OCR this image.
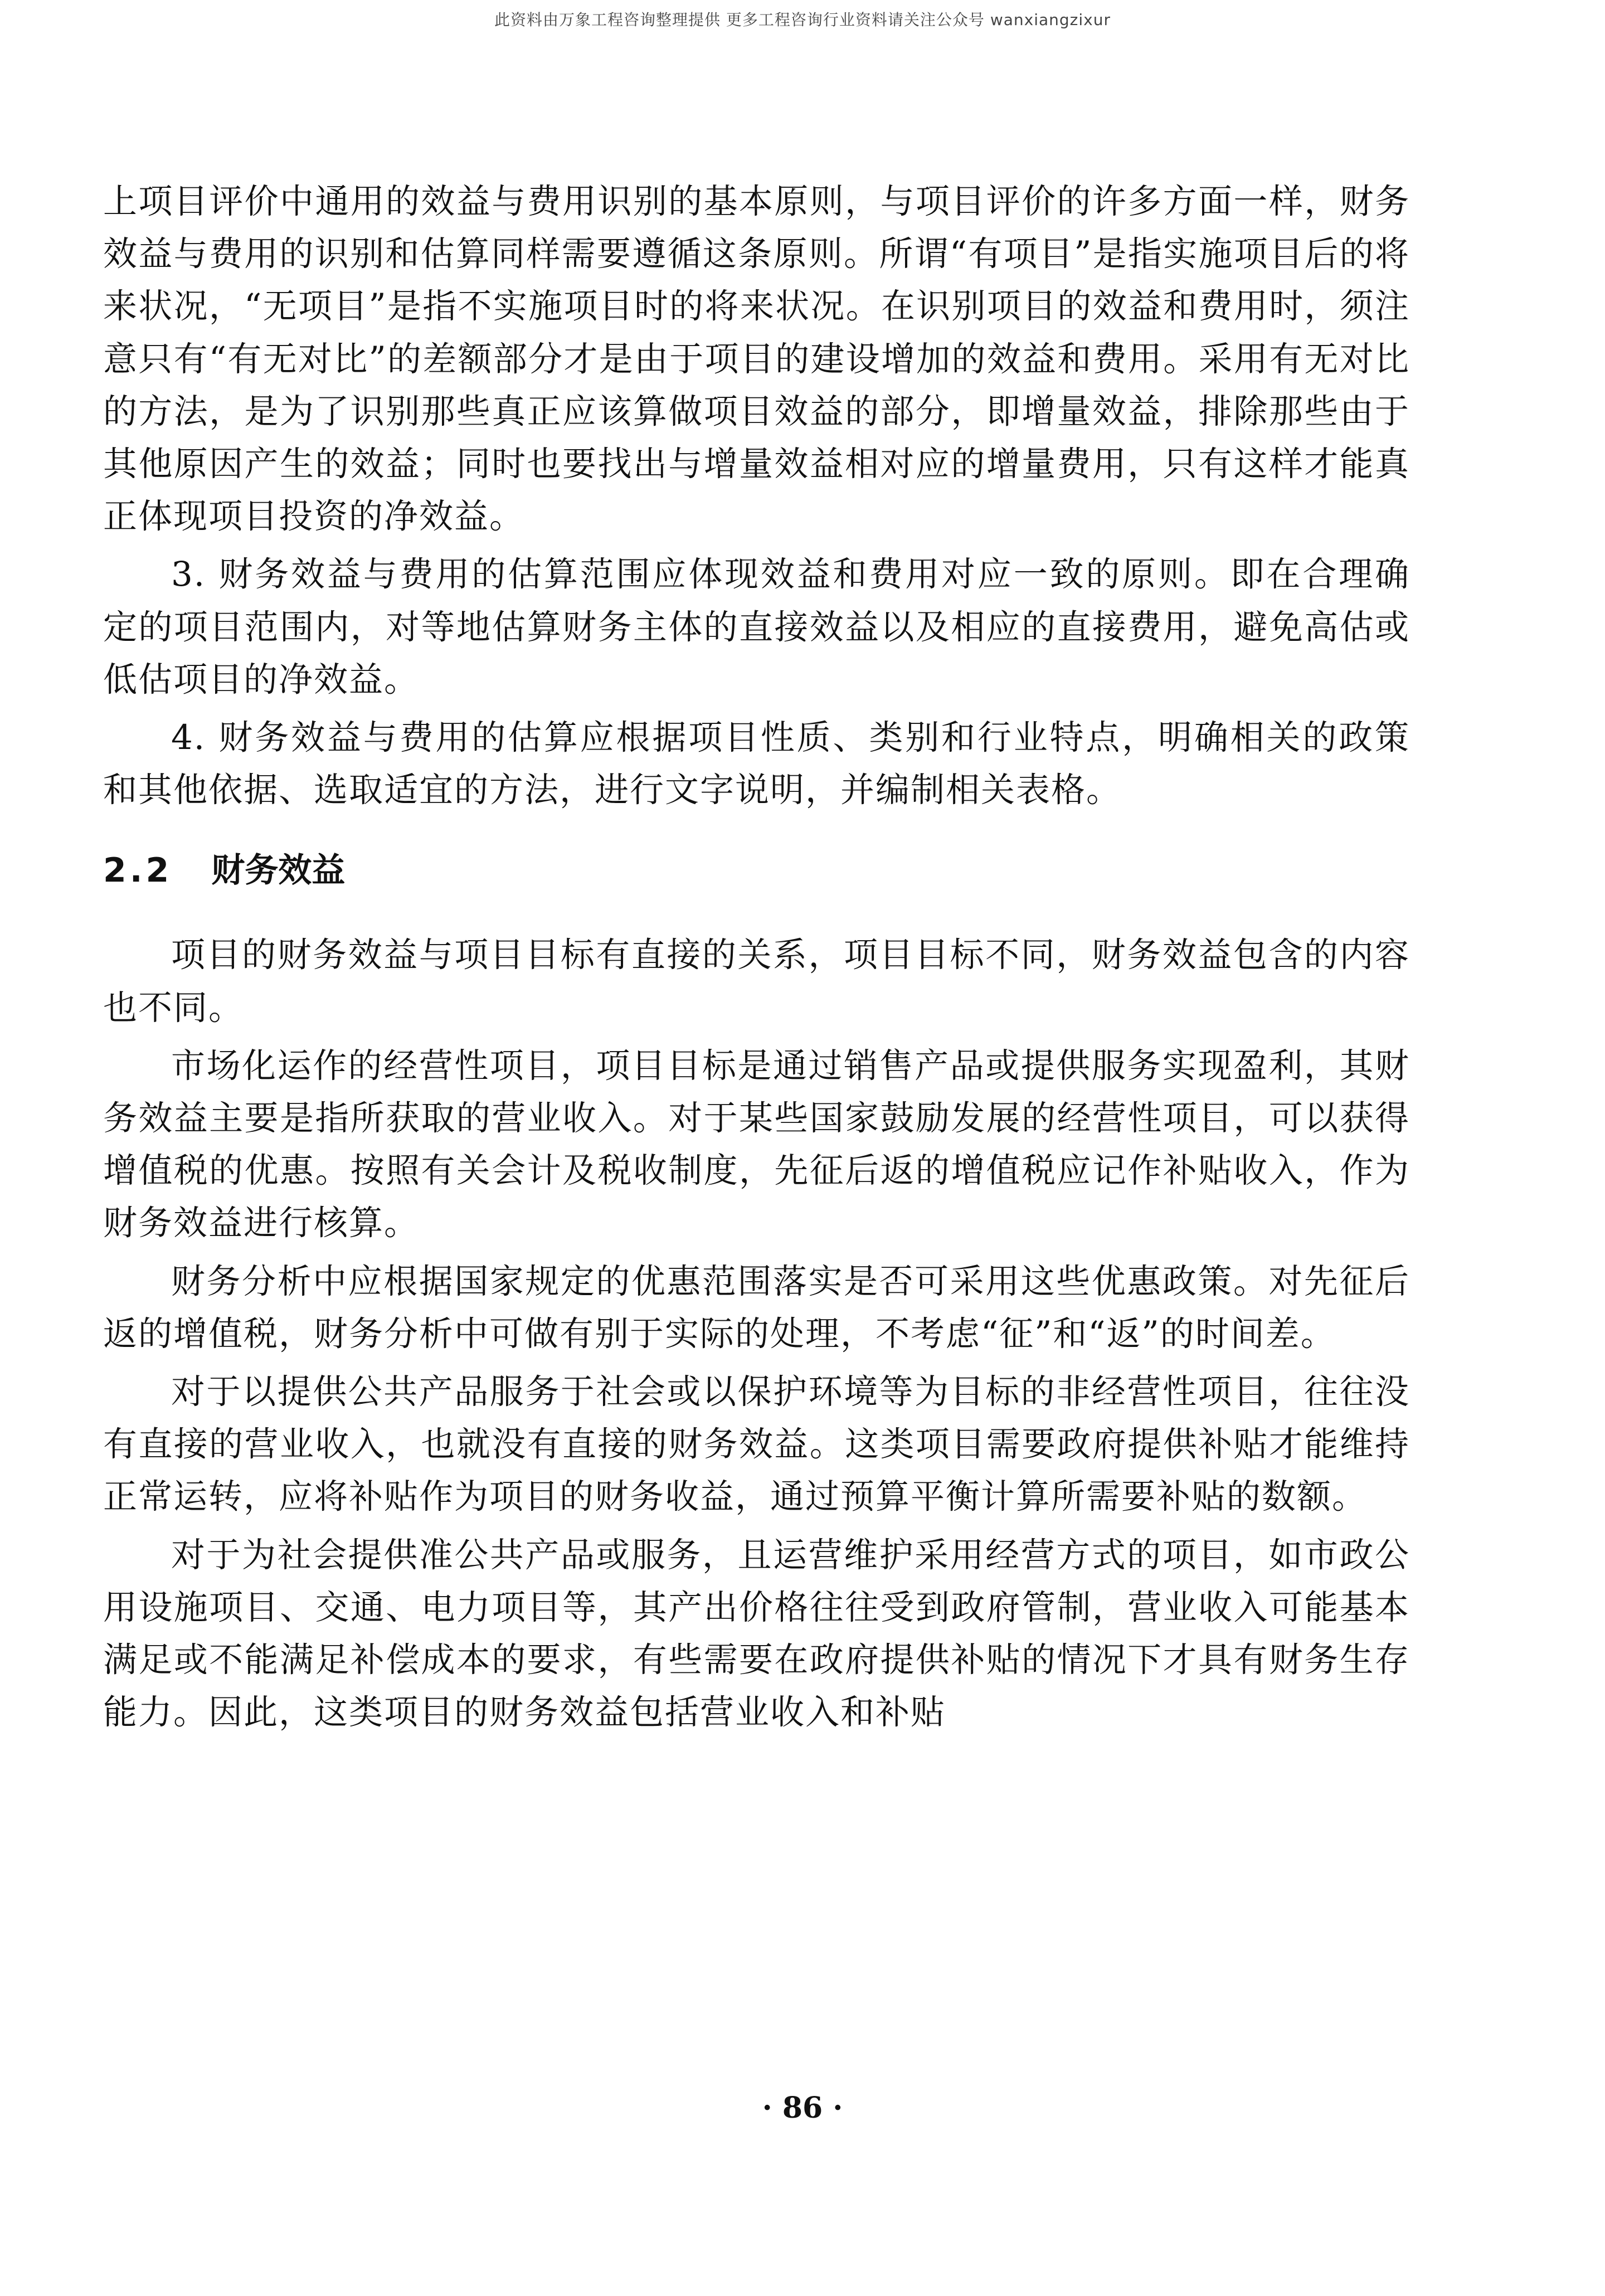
此资料由万象工程咨询整理提供 更多工程咨询行业资料请关注公众号 wanxiangzixur

上项目评价中通用的效益与费用识别的基本原则，与项目评价的许多方面一样，财务效益与费用的识别和估算同样需要遵循这条原则。所谓“有项目”是指实施项目后的将来状况，“无项目”是指不实施项目时的将来状况。在识别项目的效益和费用时，须注意只有“有无对比”的差额部分才是由于项目的建设增加的效益和费用。采用有无对比的方法，是为了识别那些真正应该算做项目效益的部分，即增量效益，排除那些由于其他原因产生的效益；同时也要找出与增量效益相对应的增量费用，只有这样才能真正体现项目投资的净效益。

3. 财务效益与费用的估算范围应体现效益和费用对应一致的原则。即在合理确定的项目范围内，对等地估算财务主体的直接效益以及相应的直接费用，避免高估或低估项目的净效益。

4. 财务效益与费用的估算应根据项目性质、类别和行业特点，明确相关的政策和其他依据、选取适宜的方法，进行文字说明，并编制相关表格。

2.2 财务效益

项目的财务效益与项目目标有直接的关系，项目目标不同，财务效益包含的内容也不同。

市场化运作的经营性项目，项目目标是通过销售产品或提供服务实现盈利，其财务效益主要是指所获取的营业收入。对于某些国家鼓励发展的经营性项目，可以获得增值税的优惠。按照有关会计及税收制度，先征后返的增值税应记作补贴收入，作为财务效益进行核算。

财务分析中应根据国家规定的优惠范围落实是否可采用这些优惠政策。对先征后返的增值税，财务分析中可做有别于实际的处理，不考虑“征”和“返”的时间差。

对于以提供公共产品服务于社会或以保护环境等为目标的非经营性项目，往往没有直接的营业收入，也就没有直接的财务效益。这类项目需要政府提供补贴才能维持正常运转，应将补贴作为项目的财务收益，通过预算平衡计算所需要补贴的数额。

对于为社会提供准公共产品或服务，且运营维护采用经营方式的项目，如市政公用设施项目、交通、电力项目等，其产出价格往往受到政府管制，营业收入可能基本满足或不能满足补偿成本的要求，有些需要在政府提供补贴的情况下才具有财务生存能力。因此，这类项目的财务效益包括营业收入和补贴

· 86 ·
